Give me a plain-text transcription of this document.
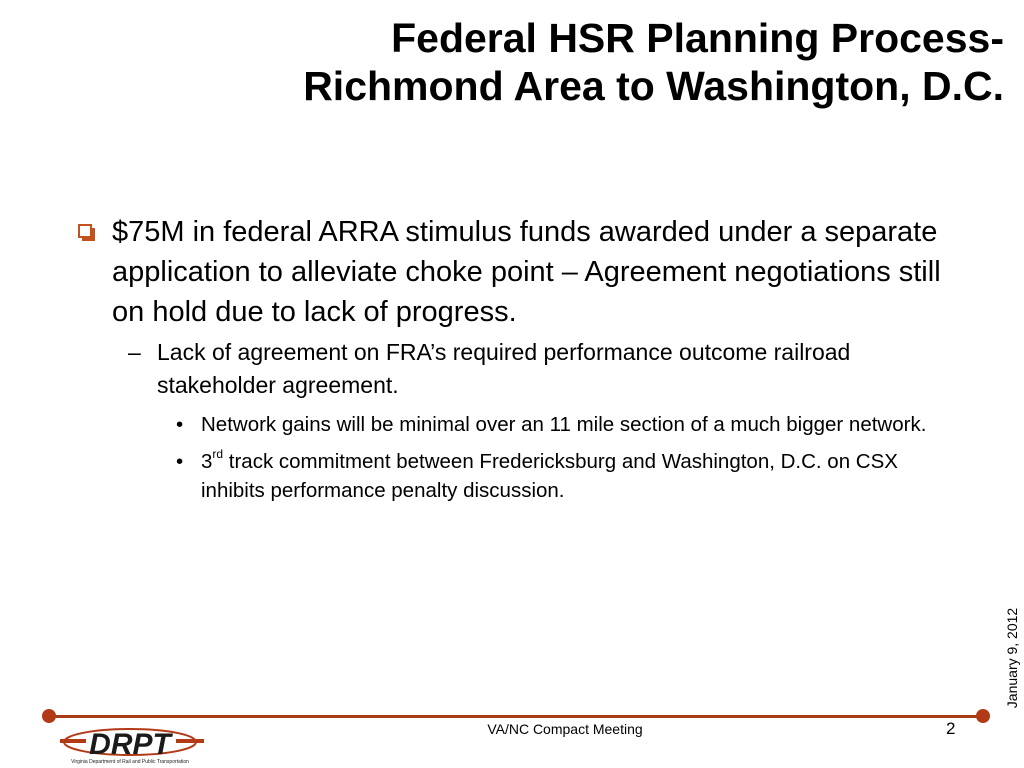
Federal HSR Planning Process-
Richmond Area to Washington, D.C.
$75M in federal ARRA stimulus funds awarded under a separate application to alleviate choke point – Agreement negotiations still on hold due to lack of progress.
– Lack of agreement on FRA’s required performance outcome railroad stakeholder agreement.
• Network gains will be minimal over an 11 mile section of a much bigger network.
• 3rd track commitment between Fredericksburg and Washington, D.C. on CSX inhibits performance penalty discussion.
January 9, 2012
DRPT
Virginia Department of Rail and Public Transportation
VA/NC Compact Meeting	2
